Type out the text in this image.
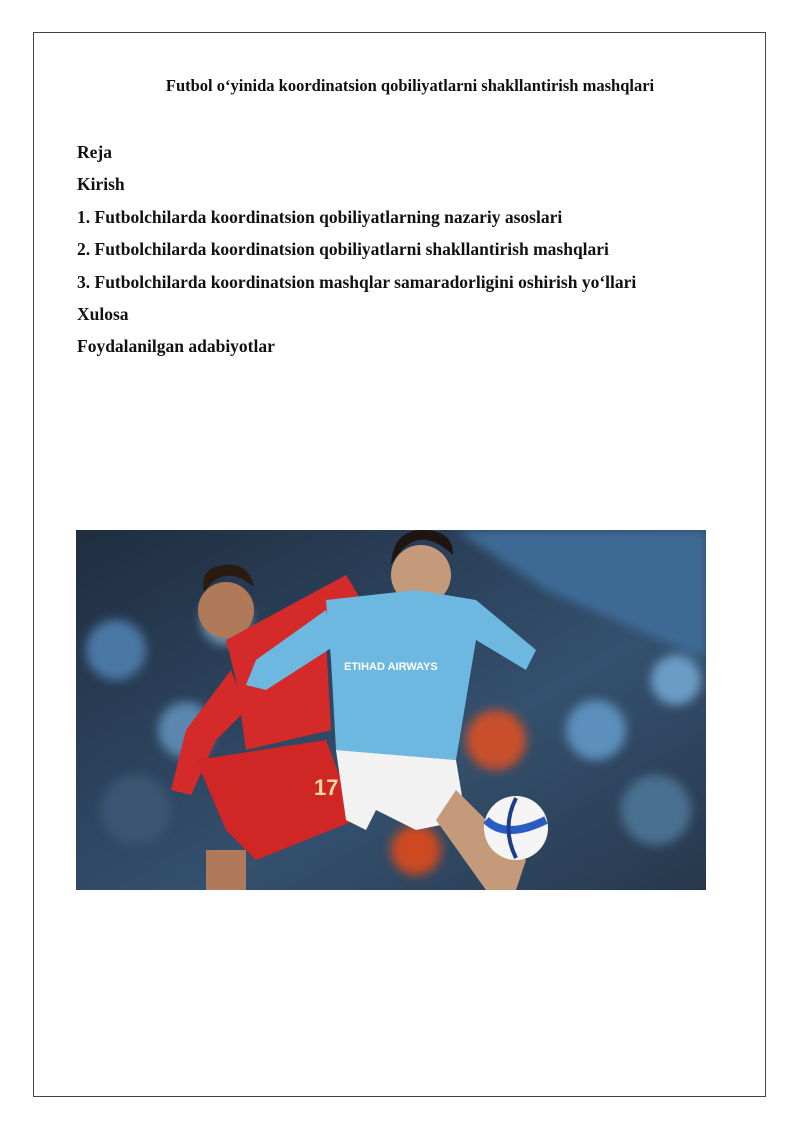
Futbol o‘yinida koordinatsion qobiliyatlarni shakllantirish mashqlari
Reja
Kirish
1. Futbolchilarda koordinatsion qobiliyatlarning nazariy asoslari
2. Futbolchilarda koordinatsion qobiliyatlarni shakllantirish mashqlari
3. Futbolchilarda koordinatsion mashqlar samaradorligini oshirish yo‘llari
Xulosa
Foydalanilgan adabiyotlar
17
ETIHAD AIRWAYS
